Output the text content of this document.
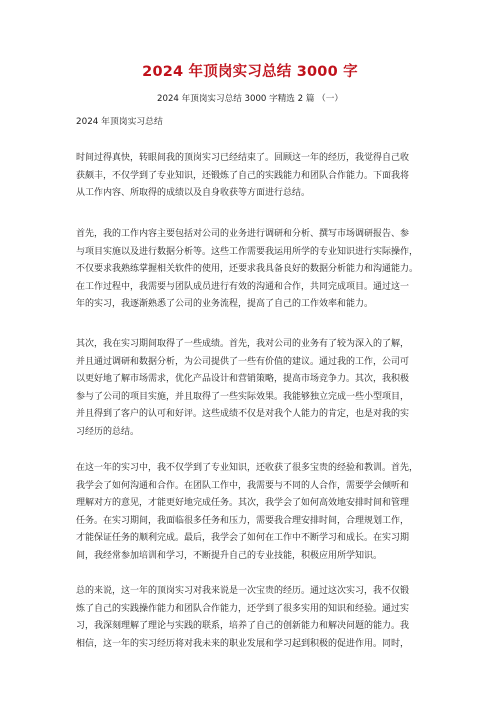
2024 年顶岗实习总结 3000 字
2024 年顶岗实习总结 3000 字精选 2 篇 （一）
2024 年顶岗实习总结
时间过得真快，转眼间我的顶岗实习已经结束了。回顾这一年的经历，我觉得自己收
获颇丰，不仅学到了专业知识，还锻炼了自己的实践能力和团队合作能力。下面我将
从工作内容、所取得的成绩以及自身收获等方面进行总结。
首先，我的工作内容主要包括对公司的业务进行调研和分析、撰写市场调研报告、参
与项目实施以及进行数据分析等。这些工作需要我运用所学的专业知识进行实际操作，
不仅要求我熟练掌握相关软件的使用，还要求我具备良好的数据分析能力和沟通能力。
在工作过程中，我需要与团队成员进行有效的沟通和合作，共同完成项目。通过这一
年的实习，我逐渐熟悉了公司的业务流程，提高了自己的工作效率和能力。
其次，我在实习期间取得了一些成绩。首先，我对公司的业务有了较为深入的了解，
并且通过调研和数据分析，为公司提供了一些有价值的建议。通过我的工作，公司可
以更好地了解市场需求，优化产品设计和营销策略，提高市场竞争力。其次，我积极
参与了公司的项目实施，并且取得了一些实际效果。我能够独立完成一些小型项目，
并且得到了客户的认可和好评。这些成绩不仅是对我个人能力的肯定，也是对我的实
习经历的总结。
在这一年的实习中，我不仅学到了专业知识，还收获了很多宝贵的经验和教训。首先，
我学会了如何沟通和合作。在团队工作中，我需要与不同的人合作，需要学会倾听和
理解对方的意见，才能更好地完成任务。其次，我学会了如何高效地安排时间和管理
任务。在实习期间，我面临很多任务和压力，需要我合理安排时间，合理规划工作，
才能保证任务的顺利完成。最后，我学会了如何在工作中不断学习和成长。在实习期
间，我经常参加培训和学习，不断提升自己的专业技能，积极应用所学知识。
总的来说，这一年的顶岗实习对我来说是一次宝贵的经历。通过这次实习，我不仅锻
炼了自己的实践操作能力和团队合作能力，还学到了很多实用的知识和经验。通过实
习，我深刻理解了理论与实践的联系，培养了自己的创新能力和解决问题的能力。我
相信，这一年的实习经历将对我未来的职业发展和学习起到积极的促进作用。同时，
